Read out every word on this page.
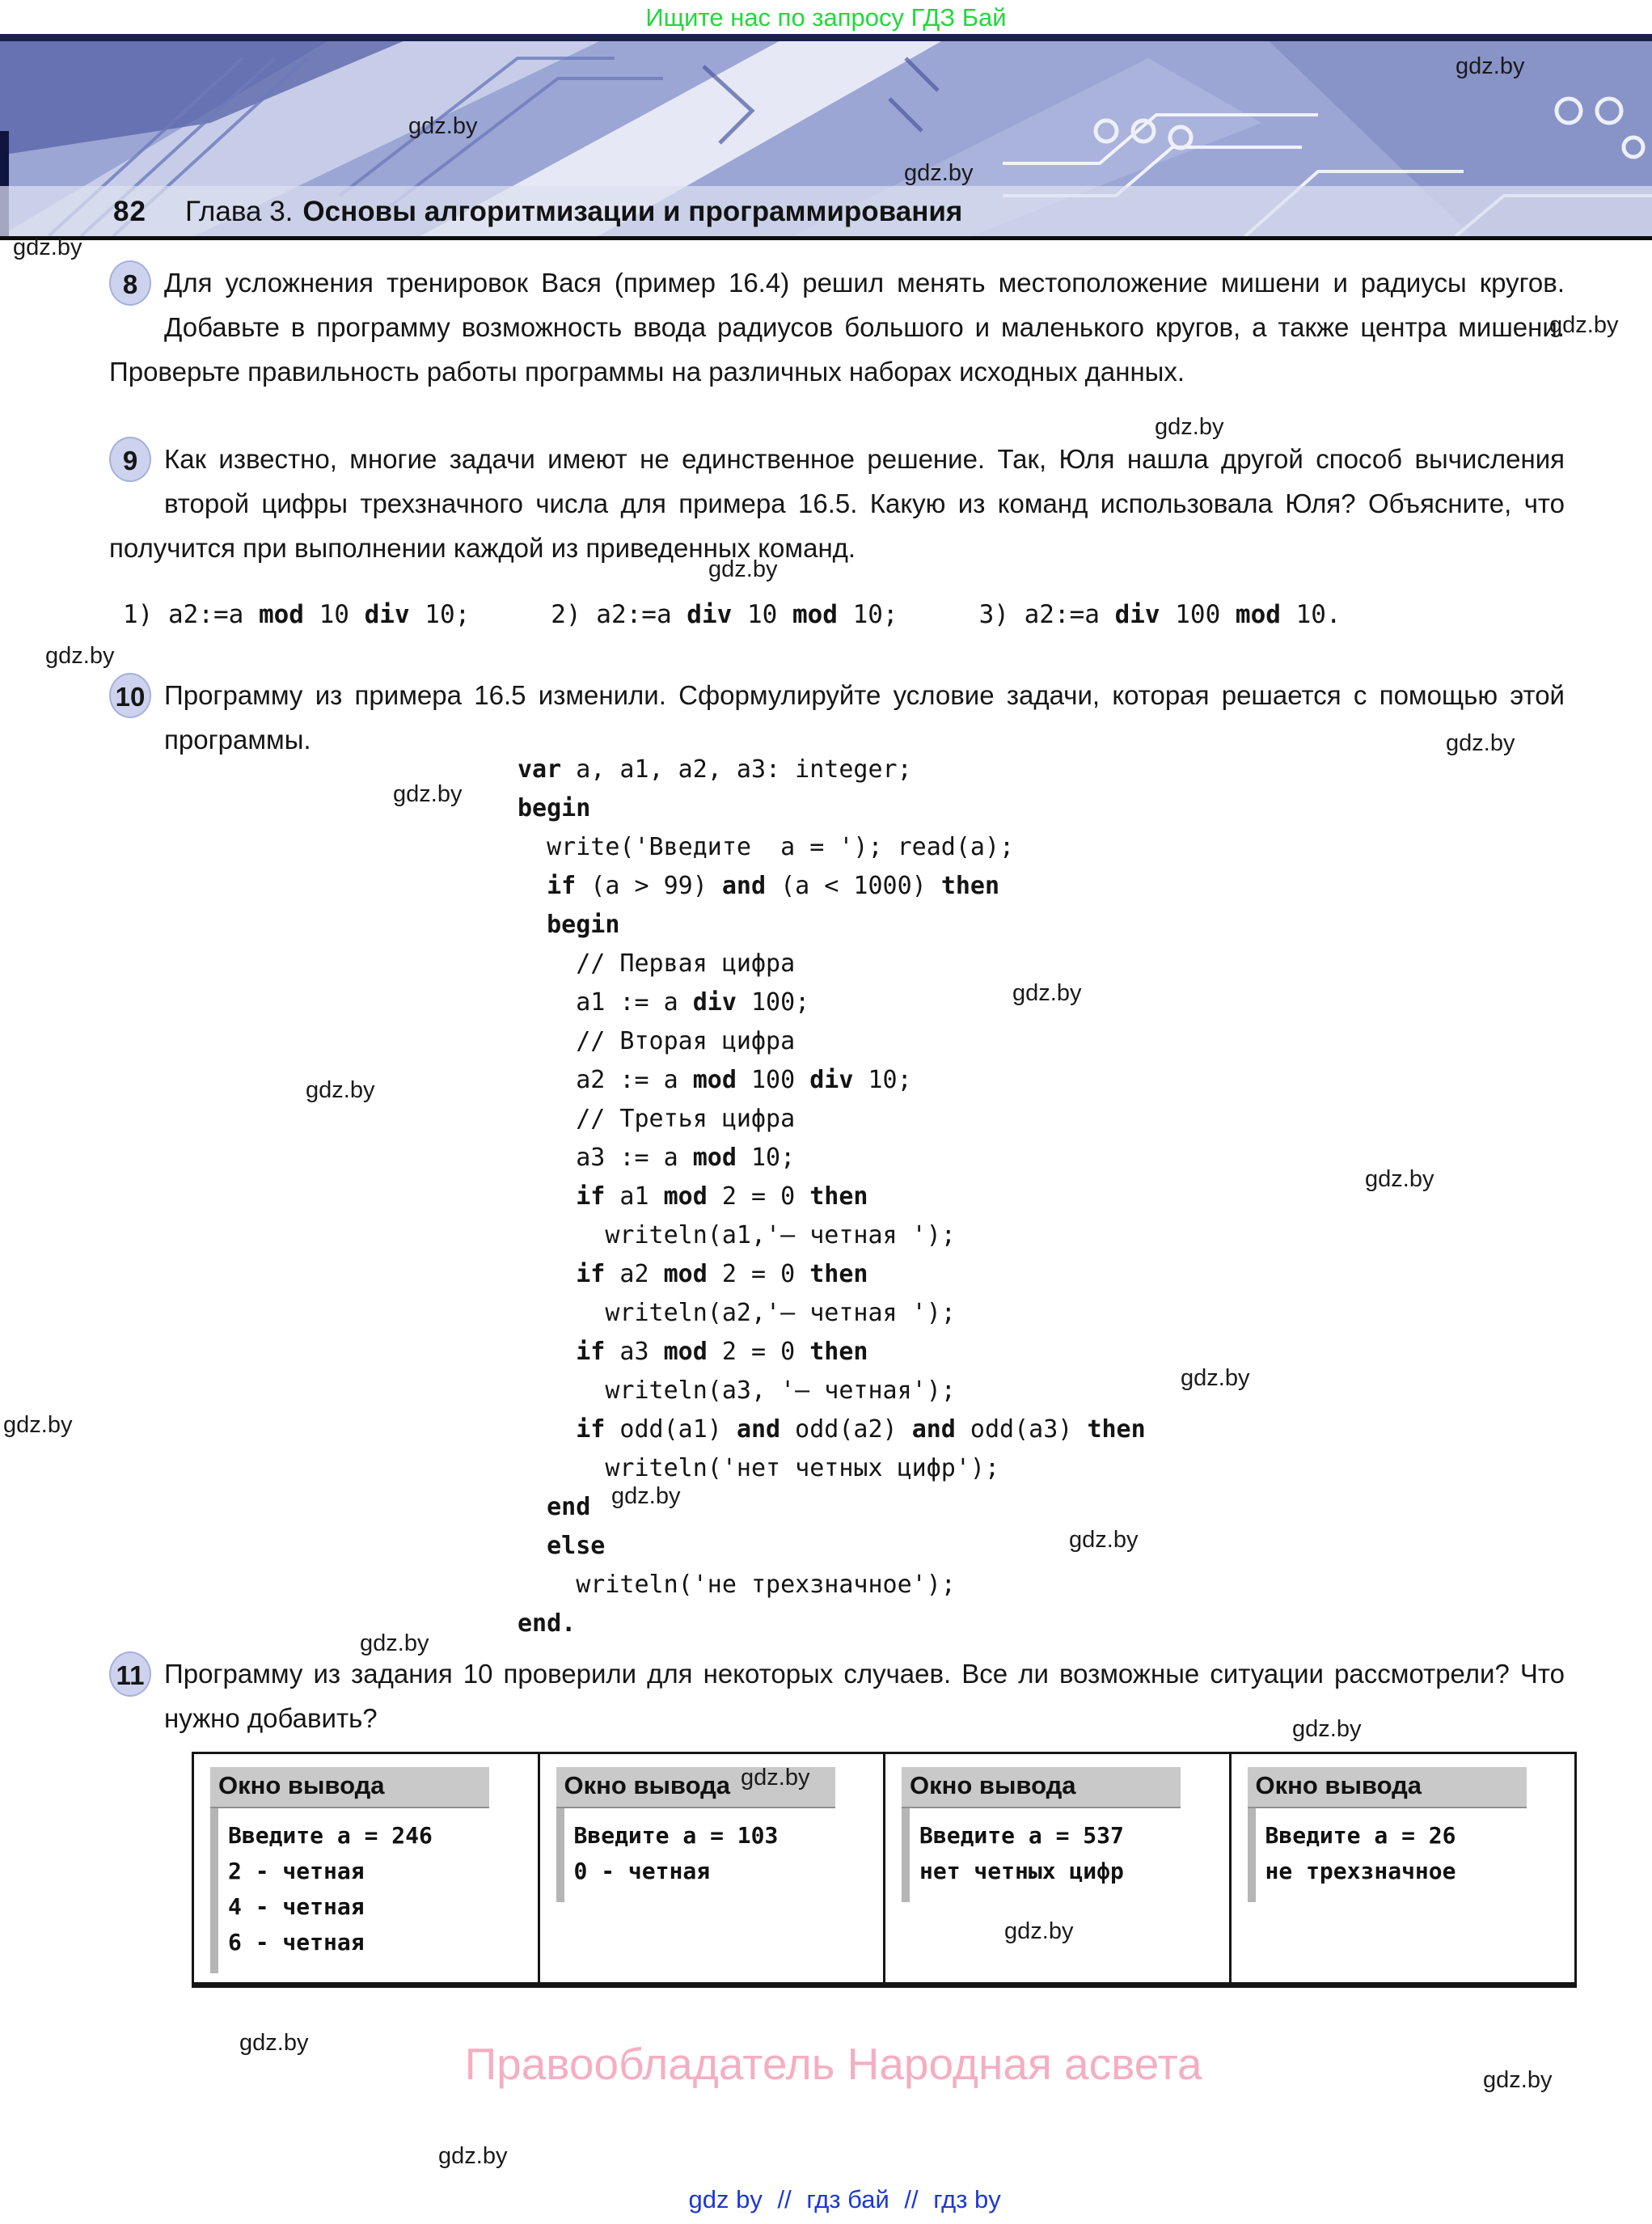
Ищите нас по запросу ГДЗ Бай
82 Глава 3. Основы алгоритмизации и программирования
8 Для усложнения тренировок Вася (пример 16.4) решил менять местоположение мишени и радиусы кругов. Добавьте в программу возможность ввода радиусов большого и маленького кругов, а также центра мишени. Проверьте правильность работы программы на различных наборах исходных данных.
9 Как известно, многие задачи имеют не единственное решение. Так, Юля нашла другой способ вычисления второй цифры трехзначного числа для примера 16.5. Какую из команд использовала Юля? Объясните, что получится при выполнении каждой из приведенных команд.
1) a2:=a mod 10 div 10;	2) a2:=a div 10 mod 10;	3) a2:=a div 100 mod 10.
10 Программу из примера 16.5 изменили. Сформулируйте условие задачи, которая решается с помощью этой программы.
var a, a1, a2, a3: integer;
begin
write('Введите  a = '); read(a);
if (a > 99) and (a < 1000) then
begin
// Первая цифра
a1 := a div 100;
// Вторая цифра
a2 := a mod 100 div 10;
// Третья цифра
a3 := a mod 10;
if a1 mod 2 = 0 then
writeln(a1,'— четная ');
if a2 mod 2 = 0 then
writeln(a2,'— четная ');
if a3 mod 2 = 0 then
writeln(a3, '— четная');
if odd(a1) and odd(a2) and odd(a3) then
writeln('нет четных цифр');
end
else
writeln('не трехзначное');
end.
11 Программу из задания 10 проверили для некоторых случаев. Все ли возможные ситуации рассмотрели? Что нужно добавить?
Окно вывода
Введите a = 246
2 - четная
4 - четная
6 - четная
Окно вывода
Введите a = 103
0 - четная
Окно вывода
Введите a = 537
нет четных цифр
Окно вывода
Введите a = 26
не трехзначное
Правообладатель Народная асвета
gdz by // гдз бай // гдз by
gdz.by
gdz.by
gdz.by
gdz.by
gdz.by
gdz.by
gdz.by
gdz.by
gdz.by
gdz.by
gdz.by
gdz.by
gdz.by
gdz.by
gdz.by
gdz.by
gdz.by
gdz.by
gdz.by
gdz.by
gdz.by
gdz.by
gdz.by
gdz.by
